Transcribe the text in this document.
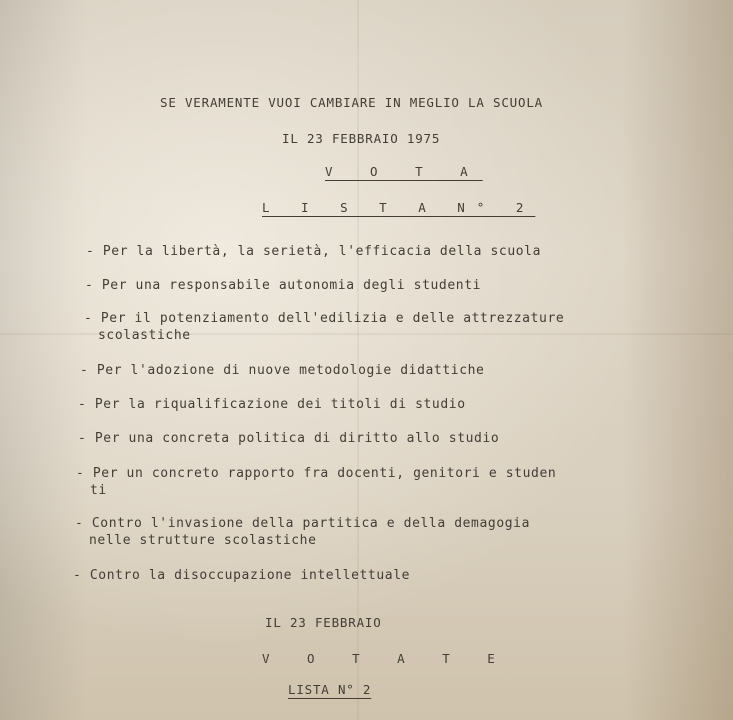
SE VERAMENTE VUOI CAMBIARE IN MEGLIO LA SCUOLA

IL 23 FEBBRAIO 1975

V O T A

L I S T A N° 2

- Per la libertà, la serietà, l'efficacia della scuola

- Per una responsabile autonomia degli studenti

- Per il potenziamento dell'edilizia e delle attrezzature
scolastiche

- Per l'adozione di nuove metodologie didattiche

- Per la riqualificazione dei titoli di studio

- Per una concreta politica di diritto allo studio

- Per un concreto rapporto fra docenti, genitori e studen
ti

- Contro l'invasione della partitica e della demagogia
nelle strutture scolastiche

- Contro la disoccupazione intellettuale

IL 23 FEBBRAIO

V O T A T E

LISTA N° 2
